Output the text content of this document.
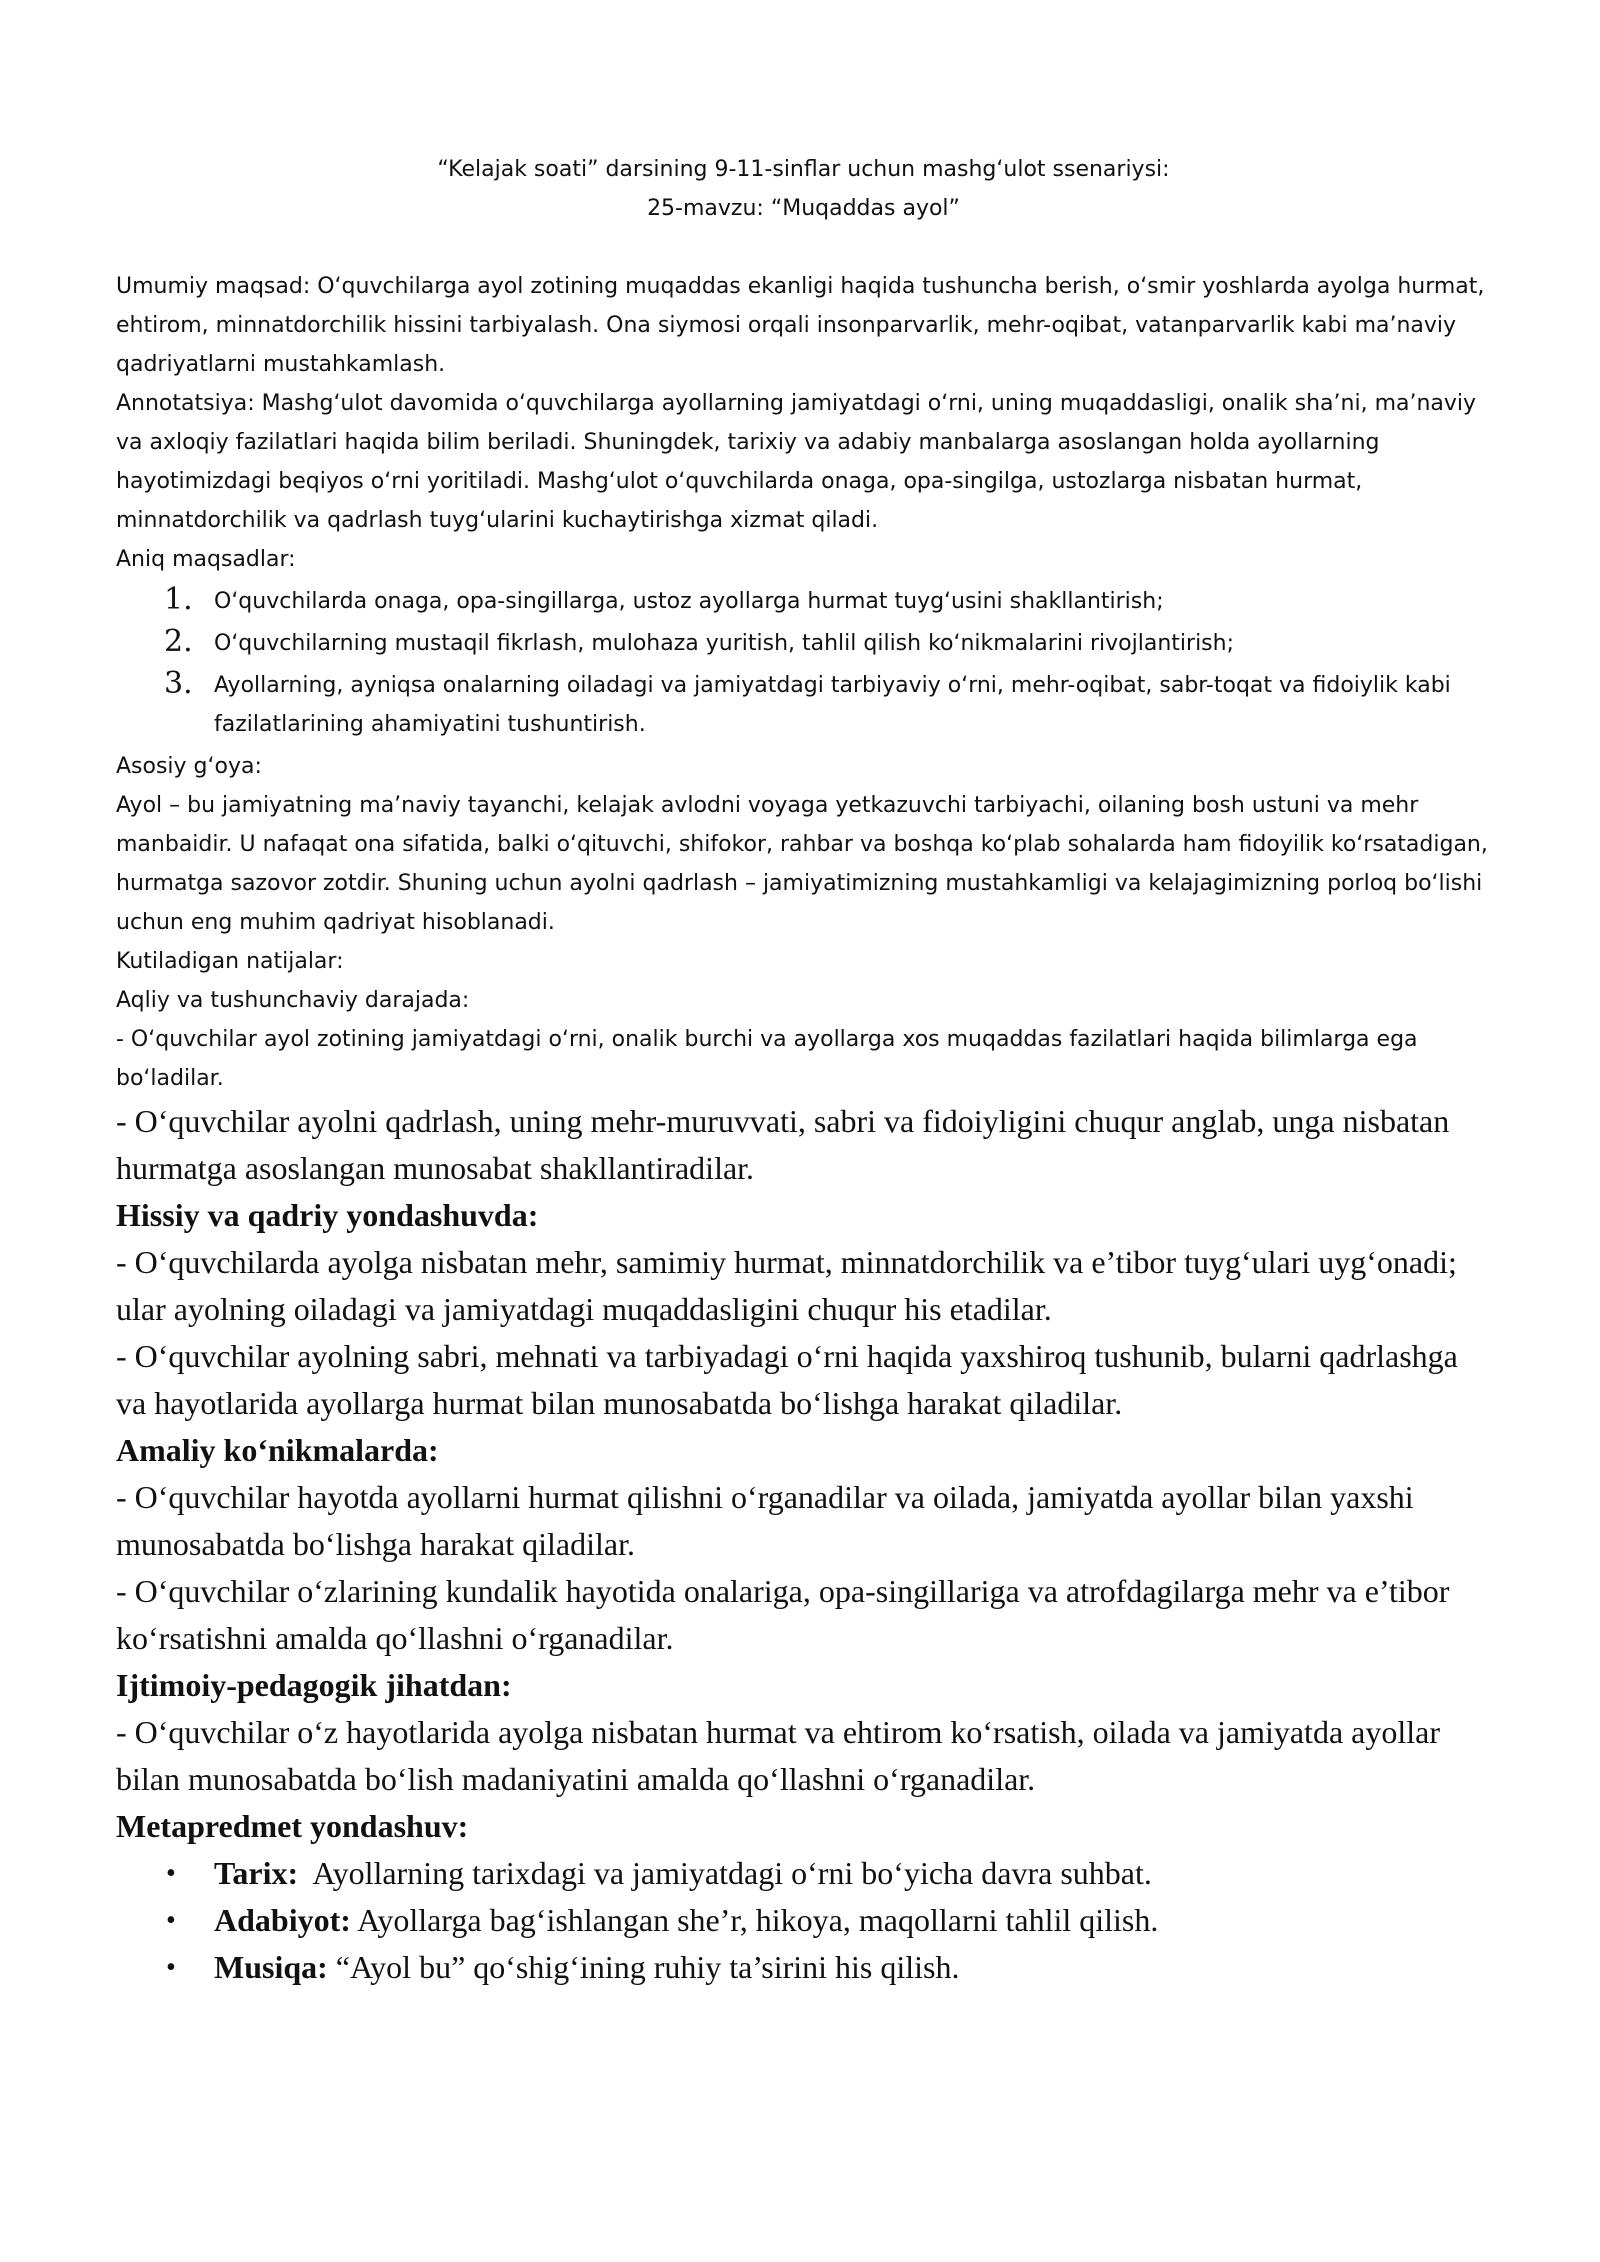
“Kelajak soati” darsining 9-11-sinflar uchun mashg‘ulot ssenariysi:
25-mavzu: “Muqaddas ayol”

Umumiy maqsad: O‘quvchilarga ayol zotining muqaddas ekanligi haqida tushuncha berish, o‘smir yoshlarda ayolga hurmat, ehtirom, minnatdorchilik hissini tarbiyalash. Ona siymosi orqali insonparvarlik, mehr-oqibat, vatanparvarlik kabi ma’naviy qadriyatlarni mustahkamlash.

Annotatsiya: Mashg‘ulot davomida o‘quvchilarga ayollarning jamiyatdagi o‘rni, uning muqaddasligi, onalik sha’ni, ma’naviy va axloqiy fazilatlari haqida bilim beriladi. Shuningdek, tarixiy va adabiy manbalarga asoslangan holda ayollarning hayotimizdagi beqiyos o‘rni yoritiladi. Mashg‘ulot o‘quvchilarda onaga, opa-singilga, ustozlarga nisbatan hurmat, minnatdorchilik va qadrlash tuyg‘ularini kuchaytirishga xizmat qiladi.

Aniq maqsadlar:

1. O‘quvchilarda onaga, opa-singillarga, ustoz ayollarga hurmat tuyg‘usini shakllantirish;
2. O‘quvchilarning mustaqil fikrlash, mulohaza yuritish, tahlil qilish ko‘nikmalarini rivojlantirish;
3. Ayollarning, ayniqsa onalarning oiladagi va jamiyatdagi tarbiyaviy o‘rni, mehr-oqibat, sabr-toqat va fidoiylik kabi fazilatlarining ahamiyatini tushuntirish.

Asosiy g‘oya:

Ayol – bu jamiyatning ma’naviy tayanchi, kelajak avlodni voyaga yetkazuvchi tarbiyachi, oilaning bosh ustuni va mehr manbaidir. U nafaqat ona sifatida, balki o‘qituvchi, shifokor, rahbar va boshqa ko‘plab sohalarda ham fidoyilik ko‘rsatadigan, hurmatga sazovor zotdir. Shuning uchun ayolni qadrlash – jamiyatimizning mustahkamligi va kelajagimizning porloq bo‘lishi uchun eng muhim qadriyat hisoblanadi.

Kutiladigan natijalar:

Aqliy va tushunchaviy darajada:

- O‘quvchilar ayol zotining jamiyatdagi o‘rni, onalik burchi va ayollarga xos muqaddas fazilatlari haqida bilimlarga ega bo‘ladilar.

- O‘quvchilar ayolni qadrlash, uning mehr-muruvvati, sabri va fidoiyligini chuqur anglab, unga nisbatan hurmatga asoslangan munosabat shakllantiradilar.

Hissiy va qadriy yondashuvda:

- O‘quvchilarda ayolga nisbatan mehr, samimiy hurmat, minnatdorchilik va e’tibor tuyg‘ulari uyg‘onadi; ular ayolning oiladagi va jamiyatdagi muqaddasligini chuqur his etadilar.

- O‘quvchilar ayolning sabri, mehnati va tarbiyadagi o‘rni haqida yaxshiroq tushunib, bularni qadrlashga va hayotlarida ayollarga hurmat bilan munosabatda bo‘lishga harakat qiladilar.

Amaliy ko‘nikmalarda:

- O‘quvchilar hayotda ayollarni hurmat qilishni o‘rganadilar va oilada, jamiyatda ayollar bilan yaxshi munosabatda bo‘lishga harakat qiladilar.

- O‘quvchilar o‘zlarining kundalik hayotida onalariga, opa-singillariga va atrofdagilarga mehr va e’tibor ko‘rsatishni amalda qo‘llashni o‘rganadilar.

Ijtimoiy-pedagogik jihatdan:

- O‘quvchilar o‘z hayotlarida ayolga nisbatan hurmat va ehtirom ko‘rsatish, oilada va jamiyatda ayollar bilan munosabatda bo‘lish madaniyatini amalda qo‘llashni o‘rganadilar.

Metapredmet yondashuv:

• Tarix:  Ayollarning tarixdagi va jamiyatdagi o‘rni bo‘yicha davra suhbat.
• Adabiyot: Ayollarga bag‘ishlangan she’r, hikoya, maqollarni tahlil qilish.
• Musiqa: “Ayol bu” qo‘shig‘ining ruhiy ta’sirini his qilish.
